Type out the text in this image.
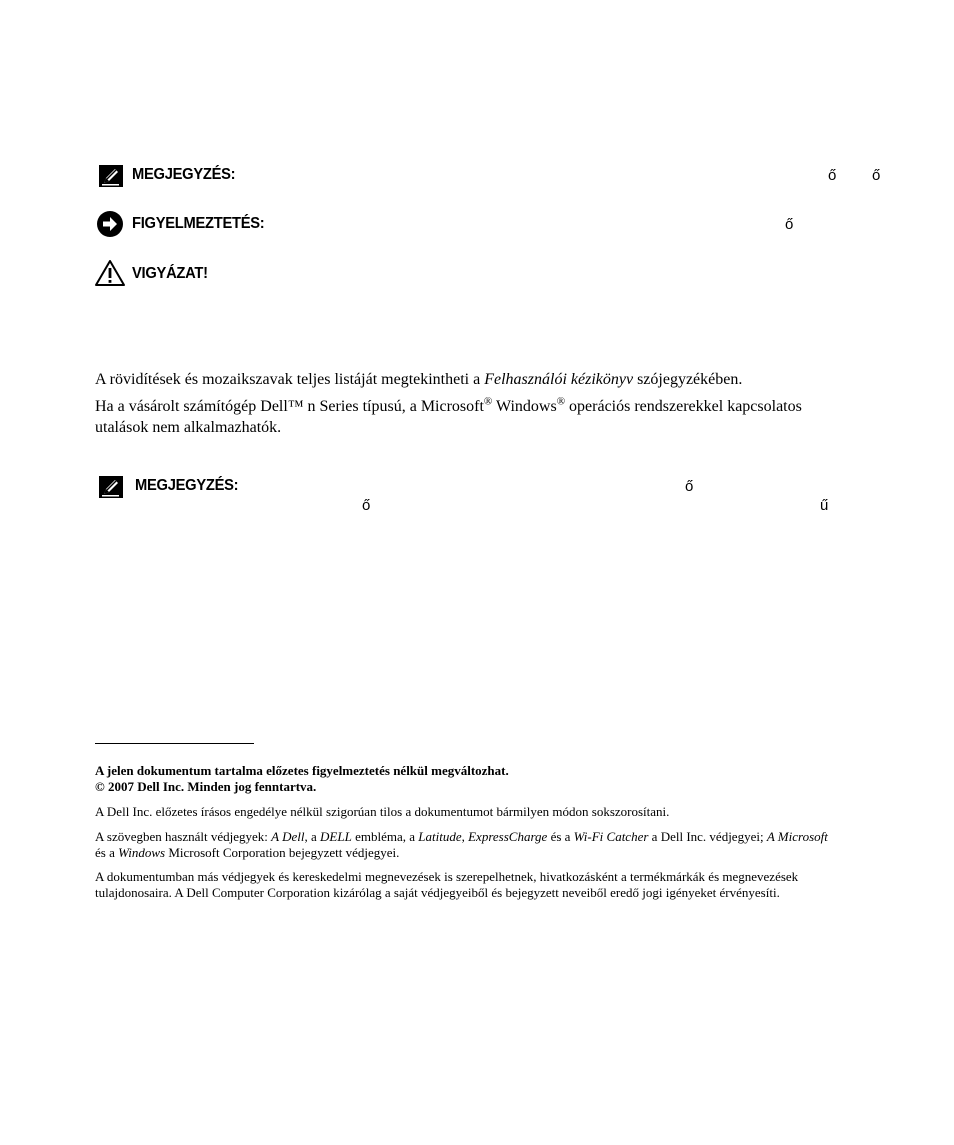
MEGJEGYZÉS:	ő ő
FIGYELMEZTETÉS:	ő
VIGYÁZAT!
A rövidítések és mozaikszavak teljes listáját megtekintheti a Felhasználói kézikönyv szójegyzékében.
Ha a vásárolt számítógép Dell™ n Series típusú, a Microsoft® Windows® operációs rendszerekkel kapcsolatos
utalások nem alkalmazhatók.
MEGJEGYZÉS:	ő
ő	ű
A jelen dokumentum tartalma előzetes figyelmeztetés nélkül megváltozhat.
© 2007 Dell Inc. Minden jog fenntartva.
A Dell Inc. előzetes írásos engedélye nélkül szigorúan tilos a dokumentumot bármilyen módon sokszorosítani.
A szövegben használt védjegyek: A Dell, a DELL embléma, a Latitude, ExpressCharge és a Wi-Fi Catcher a Dell Inc. védjegyei; A Microsoft
és a Windows Microsoft Corporation bejegyzett védjegyei.
A dokumentumban más védjegyek és kereskedelmi megnevezések is szerepelhetnek, hivatkozásként a termékmárkák és megnevezések
tulajdonosaira. A Dell Computer Corporation kizárólag a saját védjegyeiből és bejegyzett neveiből eredő jogi igényeket érvényesíti.
